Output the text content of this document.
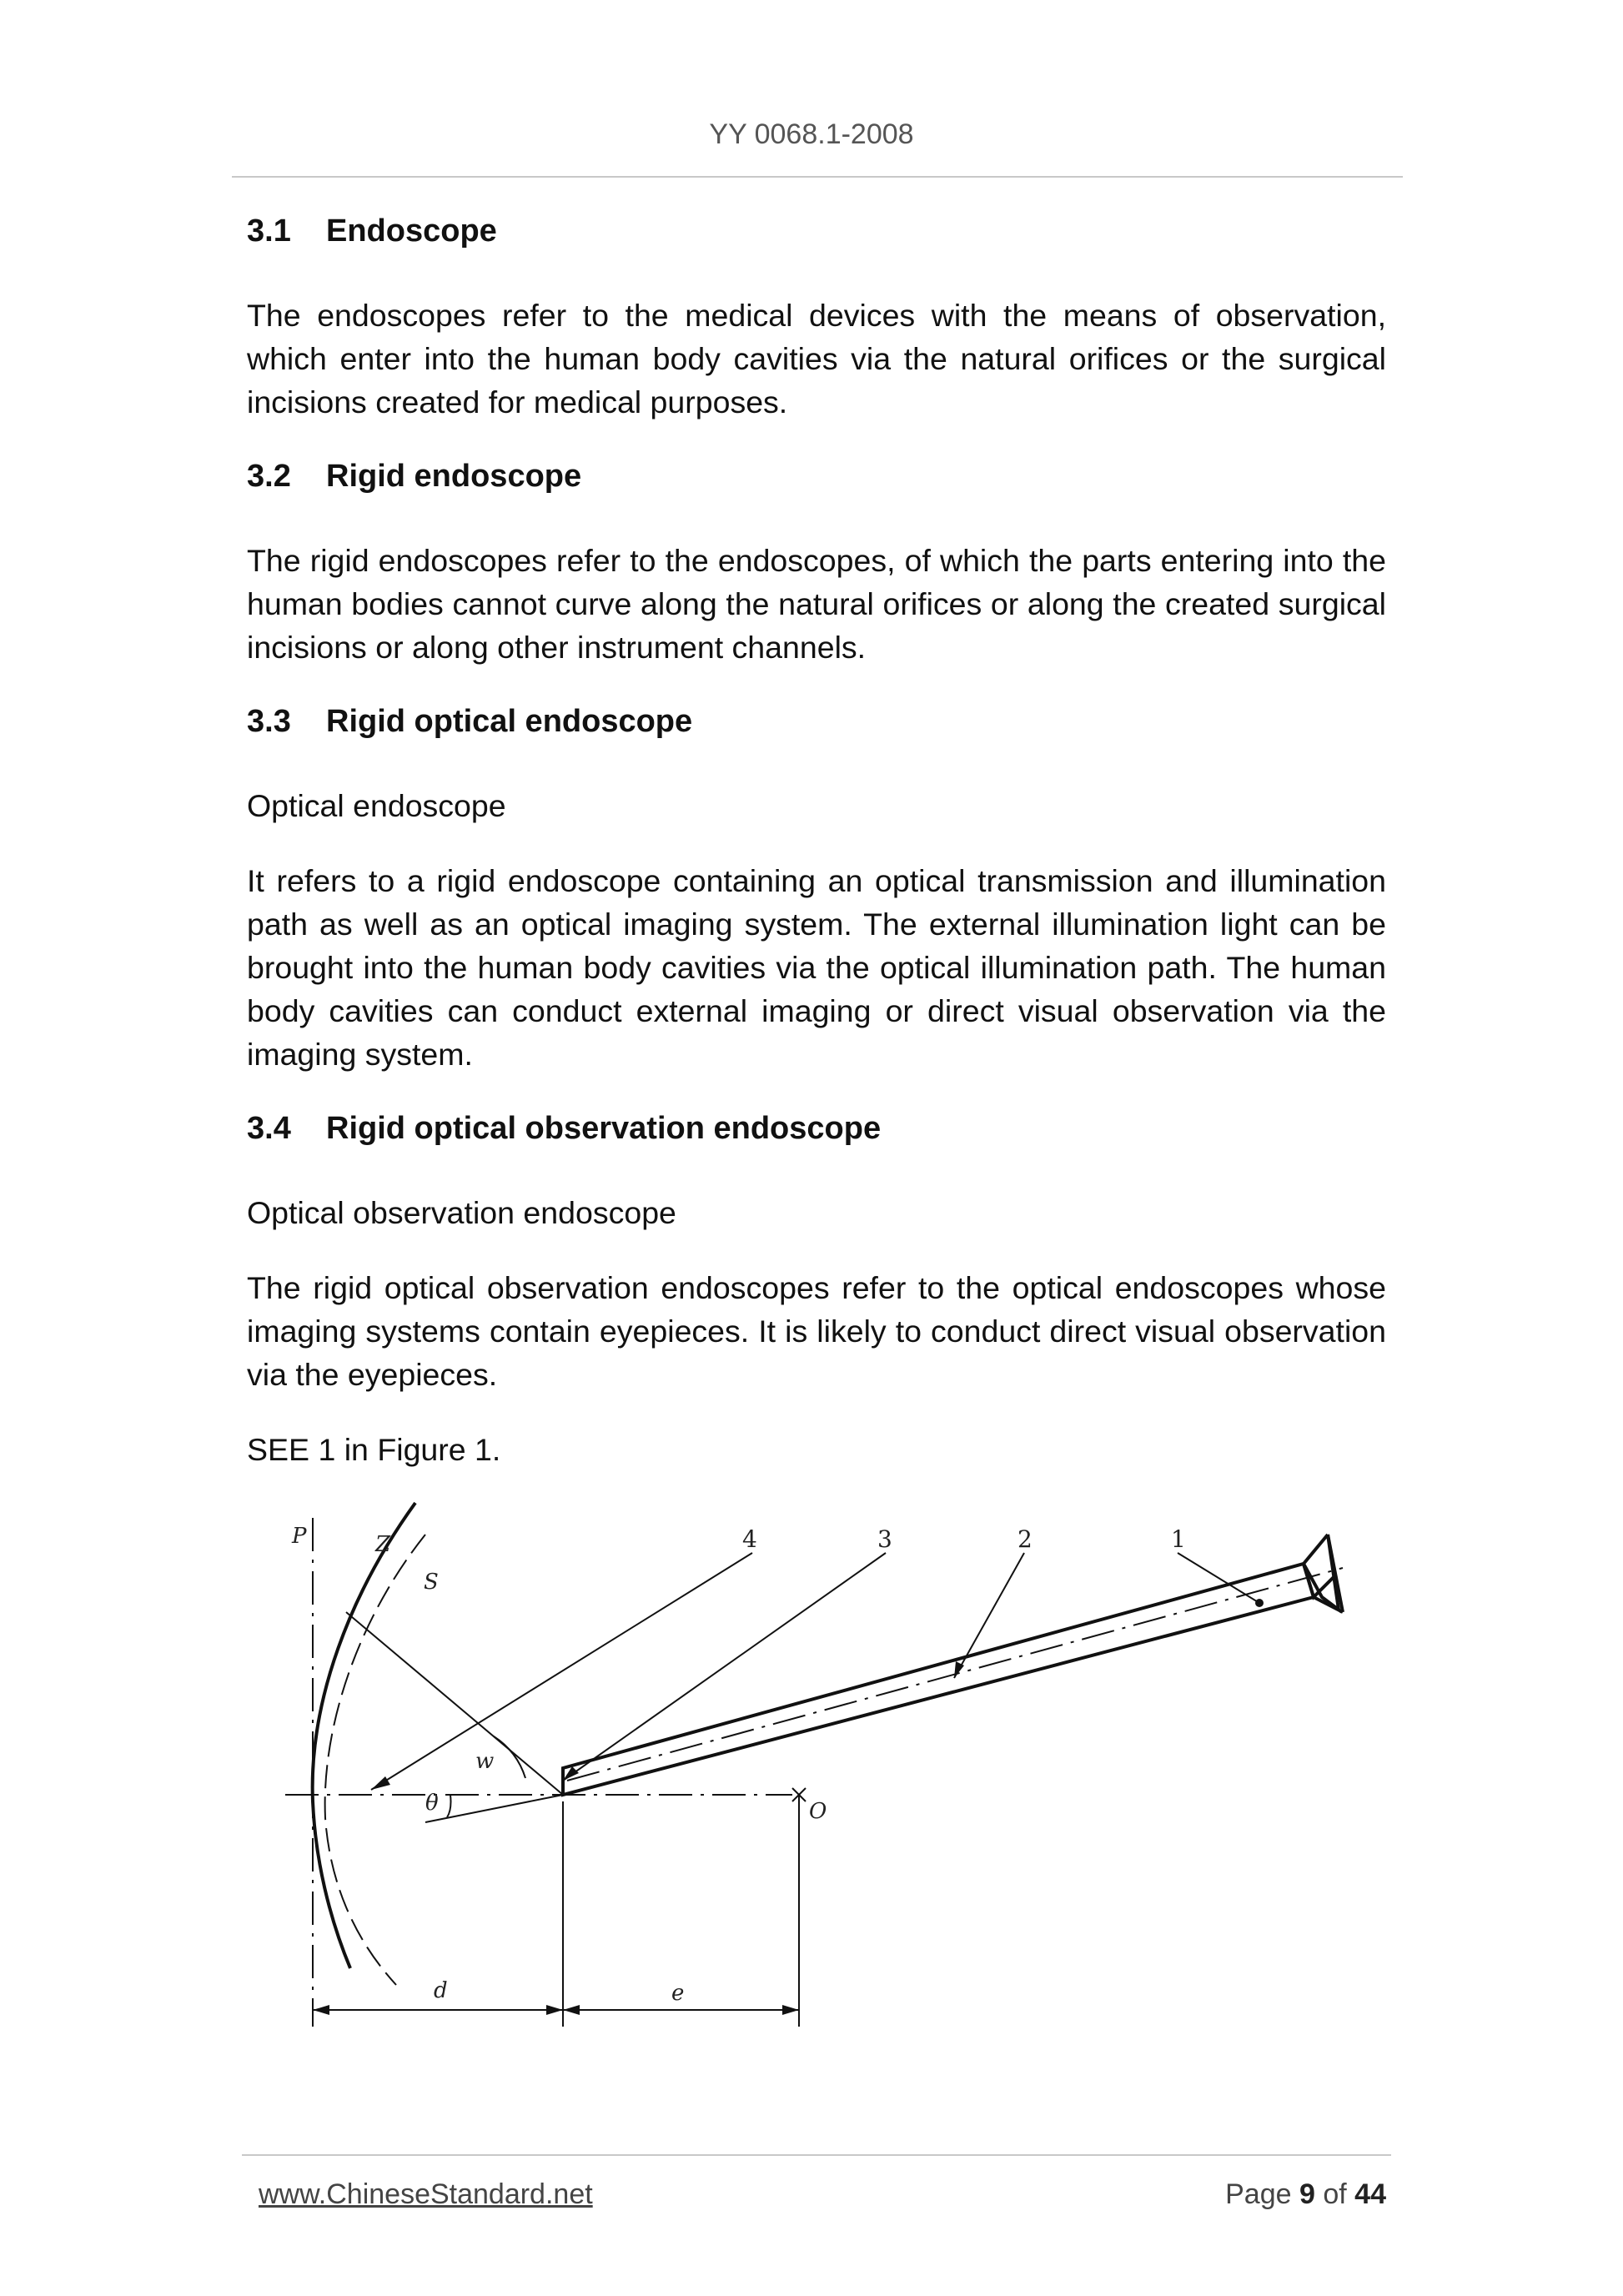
YY 0068.1-2008
3.1 Endoscope

The endoscopes refer to the medical devices with the means of observation, which enter into the human body cavities via the natural orifices or the surgical incisions created for medical purposes.

3.2 Rigid endoscope

The rigid endoscopes refer to the endoscopes, of which the parts entering into the human bodies cannot curve along the natural orifices or along the created surgical incisions or along other instrument channels.

3.3 Rigid optical endoscope

Optical endoscope

It refers to a rigid endoscope containing an optical transmission and illumination path as well as an optical imaging system. The external illumination light can be brought into the human body cavities via the optical illumination path. The human body cavities can conduct external imaging or direct visual observation via the imaging system.

3.4 Rigid optical observation endoscope

Optical observation endoscope

The rigid optical observation endoscopes refer to the optical endoscopes whose imaging systems contain eyepieces. It is likely to conduct direct visual observation via the eyepieces.

SEE 1 in Figure 1.

P	Z
S
w
θ	O
d	e
4	3	2	1
www.ChineseStandard.net	Page 9 of 44
